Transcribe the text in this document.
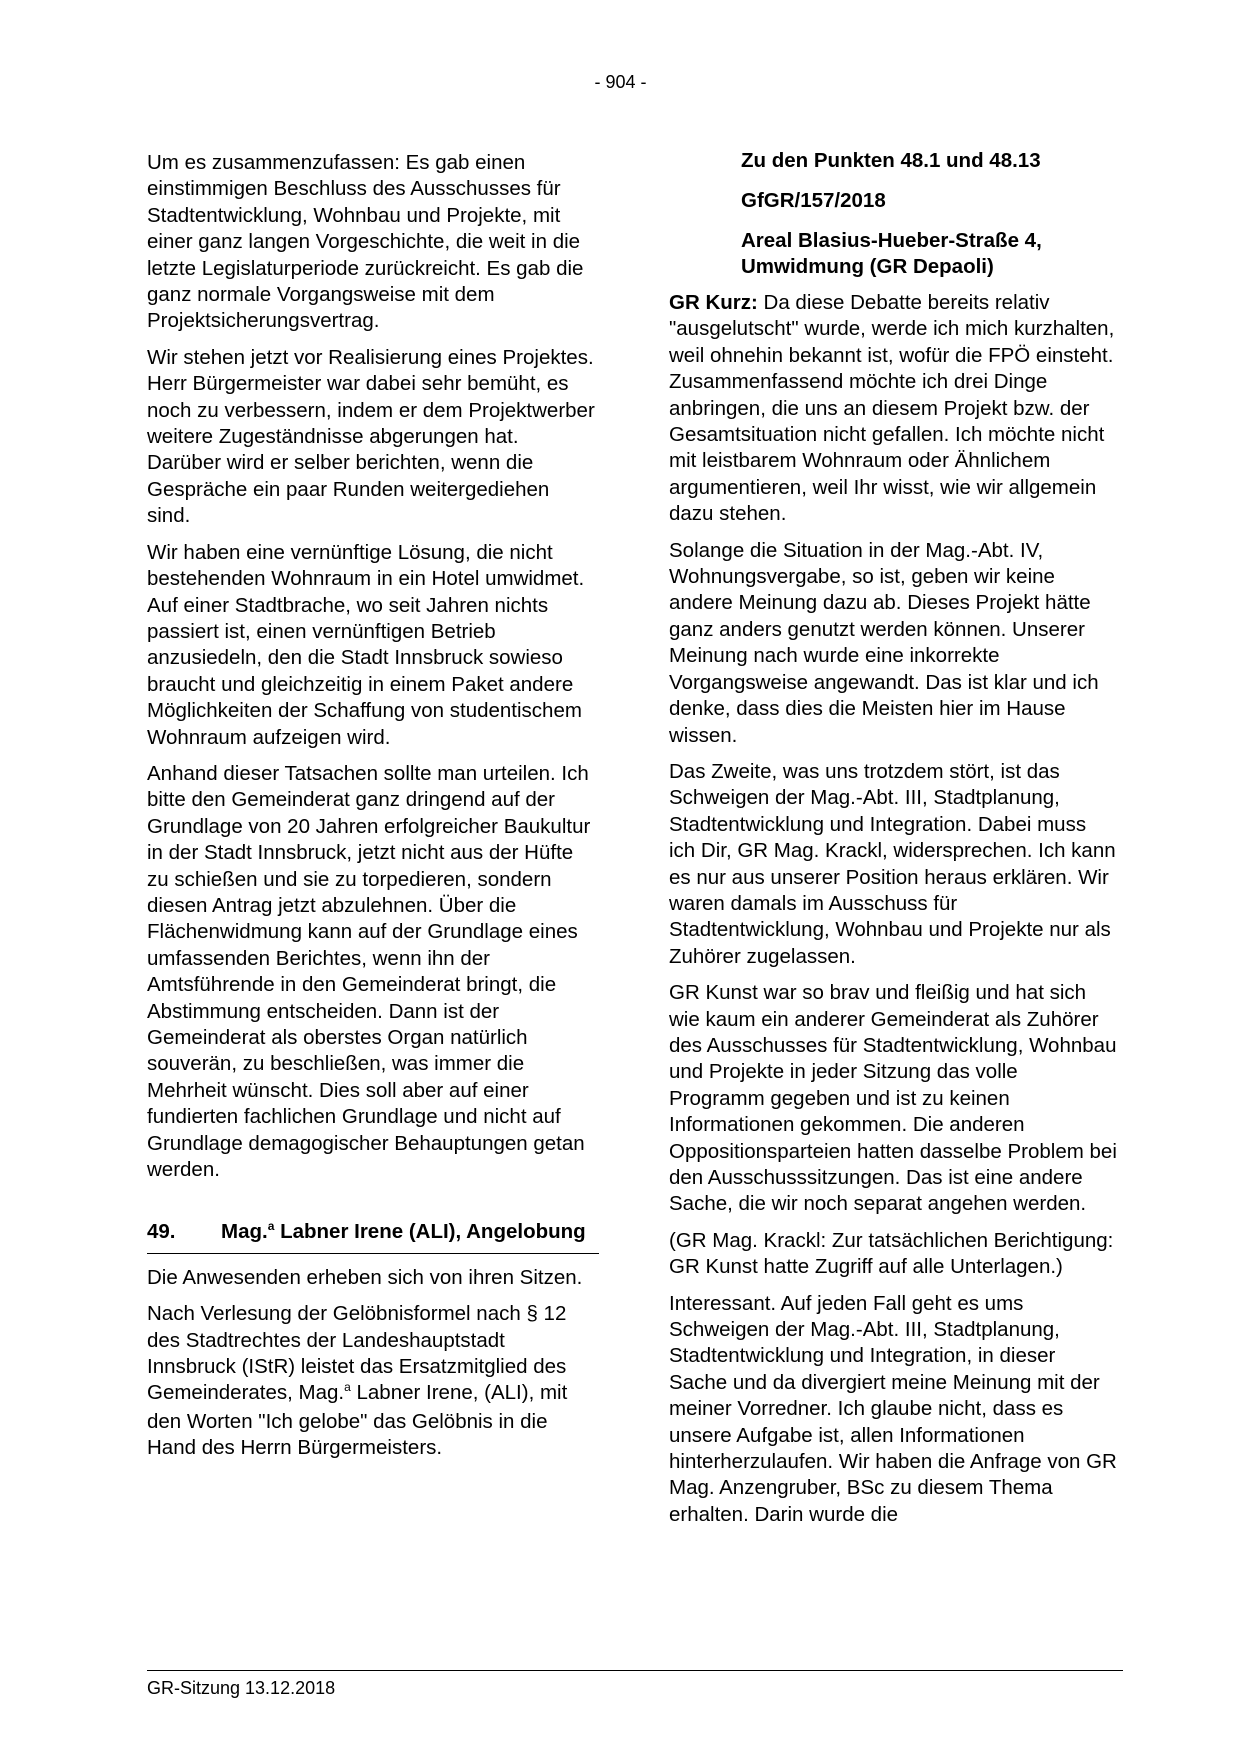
- 904 -

Um es zusammenzufassen: Es gab einen einstimmigen Beschluss des Ausschusses für Stadtentwicklung, Wohnbau und Projekte, mit einer ganz langen Vorgeschichte, die weit in die letzte Legislaturperiode zurückreicht. Es gab die ganz normale Vorgangsweise mit dem Projektsicherungsvertrag.

Wir stehen jetzt vor Realisierung eines Projektes. Herr Bürgermeister war dabei sehr bemüht, es noch zu verbessern, indem er dem Projektwerber weitere Zugeständnisse abgerungen hat. Darüber wird er selber berichten, wenn die Gespräche ein paar Runden weitergediehen sind.

Wir haben eine vernünftige Lösung, die nicht bestehenden Wohnraum in ein Hotel umwidmet. Auf einer Stadtbrache, wo seit Jahren nichts passiert ist, einen vernünftigen Betrieb anzusiedeln, den die Stadt Innsbruck sowieso braucht und gleichzeitig in einem Paket andere Möglichkeiten der Schaffung von studentischem Wohnraum aufzeigen wird.

Anhand dieser Tatsachen sollte man urteilen. Ich bitte den Gemeinderat ganz dringend auf der Grundlage von 20 Jahren erfolgreicher Baukultur in der Stadt Innsbruck, jetzt nicht aus der Hüfte zu schießen und sie zu torpedieren, sondern diesen Antrag jetzt abzulehnen. Über die Flächenwidmung kann auf der Grundlage eines umfassenden Berichtes, wenn ihn der Amtsführende in den Gemeinderat bringt, die Abstimmung entscheiden. Dann ist der Gemeinderat als oberstes Organ natürlich souverän, zu beschließen, was immer die Mehrheit wünscht. Dies soll aber auf einer fundierten fachlichen Grundlage und nicht auf Grundlage demagogischer Behauptungen getan werden.

49.	Mag.$^a$ Labner Irene (ALI), Angelobung

Die Anwesenden erheben sich von ihren Sitzen.

Nach Verlesung der Gelöbnisformel nach § 12 des Stadtrechtes der Landeshauptstadt Innsbruck (IStR) leistet das Ersatzmitglied des Gemeinderates, Mag.$^a$ Labner Irene, (ALI), mit den Worten "Ich gelobe" das Gelöbnis in die Hand des Herrn Bürgermeisters.

Zu den Punkten 48.1 und 48.13
GfGR/157/2018
Areal Blasius-Hueber-Straße 4, Umwidmung (GR Depaoli)

GR Kurz: Da diese Debatte bereits relativ "ausgelutscht" wurde, werde ich mich kurzhalten, weil ohnehin bekannt ist, wofür die FPÖ einsteht. Zusammenfassend möchte ich drei Dinge anbringen, die uns an diesem Projekt bzw. der Gesamtsituation nicht gefallen. Ich möchte nicht mit leistbarem Wohnraum oder Ähnlichem argumentieren, weil Ihr wisst, wie wir allgemein dazu stehen.

Solange die Situation in der Mag.-Abt. IV, Wohnungsvergabe, so ist, geben wir keine andere Meinung dazu ab. Dieses Projekt hätte ganz anders genutzt werden können. Unserer Meinung nach wurde eine inkorrekte Vorgangsweise angewandt. Das ist klar und ich denke, dass dies die Meisten hier im Hause wissen.

Das Zweite, was uns trotzdem stört, ist das Schweigen der Mag.-Abt. III, Stadtplanung, Stadtentwicklung und Integration. Dabei muss ich Dir, GR Mag. Krackl, widersprechen. Ich kann es nur aus unserer Position heraus erklären. Wir waren damals im Ausschuss für Stadtentwicklung, Wohnbau und Projekte nur als Zuhörer zugelassen.

GR Kunst war so brav und fleißig und hat sich wie kaum ein anderer Gemeinderat als Zuhörer des Ausschusses für Stadtentwicklung, Wohnbau und Projekte in jeder Sitzung das volle Programm gegeben und ist zu keinen Informationen gekommen. Die anderen Oppositionsparteien hatten dasselbe Problem bei den Ausschusssitzungen. Das ist eine andere Sache, die wir noch separat angehen werden.

(GR Mag. Krackl: Zur tatsächlichen Berichtigung: GR Kunst hatte Zugriff auf alle Unterlagen.)

Interessant. Auf jeden Fall geht es ums Schweigen der Mag.-Abt. III, Stadtplanung, Stadtentwicklung und Integration, in dieser Sache und da divergiert meine Meinung mit der meiner Vorredner. Ich glaube nicht, dass es unsere Aufgabe ist, allen Informationen hinterherzulaufen. Wir haben die Anfrage von GR Mag. Anzengruber, BSc zu diesem Thema erhalten. Darin wurde die

GR-Sitzung 13.12.2018
